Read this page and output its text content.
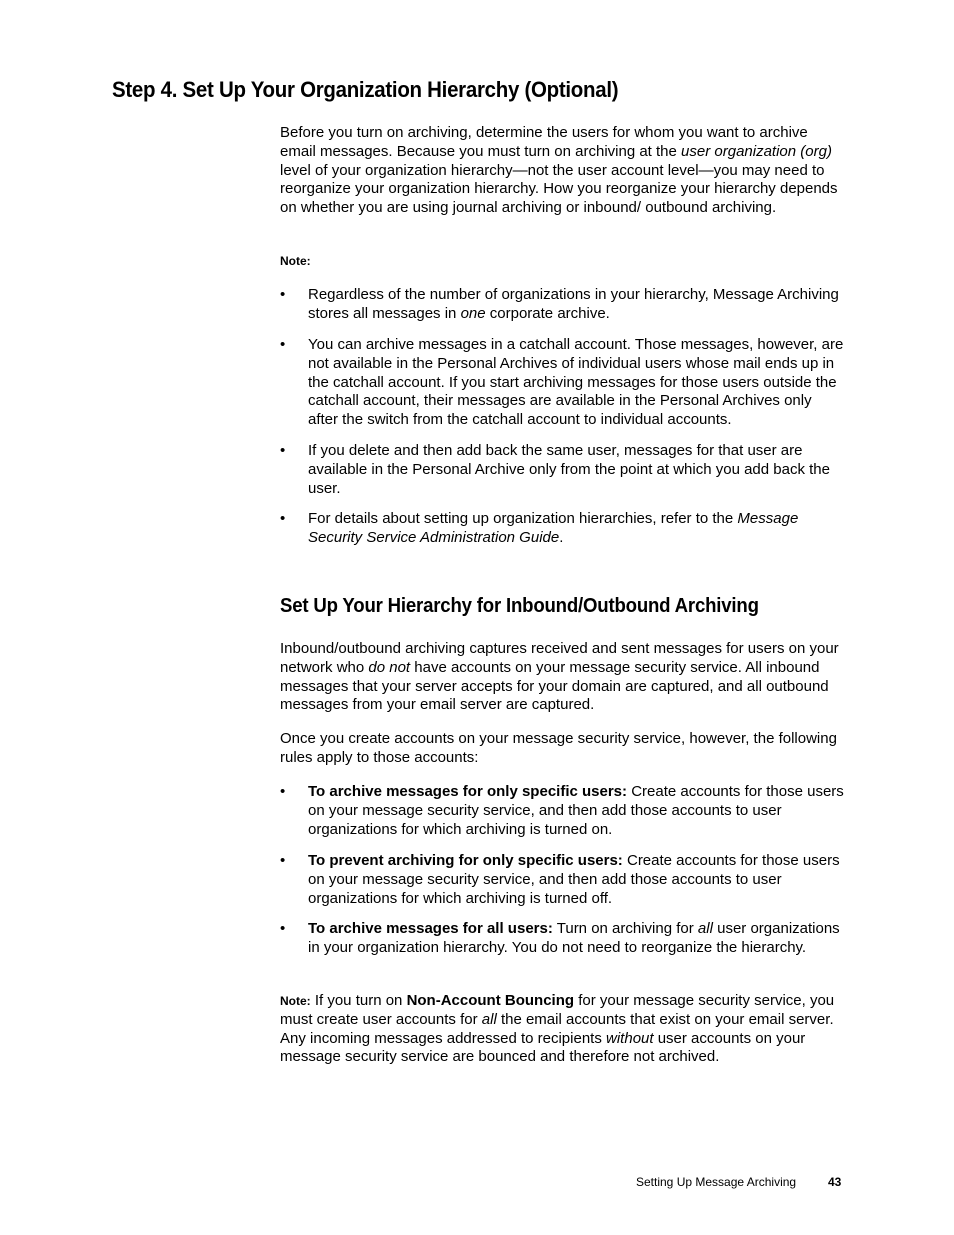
Step 4. Set Up Your Organization Hierarchy (Optional)
Before you turn on archiving, determine the users for whom you want to archive email messages. Because you must turn on archiving at the user organization (org) level of your organization hierarchy—not the user account level—you may need to reorganize your organization hierarchy. How you reorganize your hierarchy depends on whether you are using journal archiving or inbound/ outbound archiving.
Note:
•	Regardless of the number of organizations in your hierarchy, Message Archiving stores all messages in one corporate archive.
•	You can archive messages in a catchall account. Those messages, however, are not available in the Personal Archives of individual users whose mail ends up in the catchall account. If you start archiving messages for those users outside the catchall account, their messages are available in the Personal Archives only after the switch from the catchall account to individual accounts.
•	If you delete and then add back the same user, messages for that user are available in the Personal Archive only from the point at which you add back the user.
•	For details about setting up organization hierarchies, refer to the Message Security Service Administration Guide.
Set Up Your Hierarchy for Inbound/Outbound Archiving
Inbound/outbound archiving captures received and sent messages for users on your network who do not have accounts on your message security service. All inbound messages that your server accepts for your domain are captured, and all outbound messages from your email server are captured.
Once you create accounts on your message security service, however, the following rules apply to those accounts:
•	To archive messages for only specific users: Create accounts for those users on your message security service, and then add those accounts to user organizations for which archiving is turned on.
•	To prevent archiving for only specific users: Create accounts for those users on your message security service, and then add those accounts to user organizations for which archiving is turned off.
•	To archive messages for all users: Turn on archiving for all user organizations in your organization hierarchy. You do not need to reorganize the hierarchy.
Note: If you turn on Non-Account Bouncing for your message security service, you must create user accounts for all the email accounts that exist on your email server. Any incoming messages addressed to recipients without user accounts on your message security service are bounced and therefore not archived.
Setting Up Message Archiving	43
